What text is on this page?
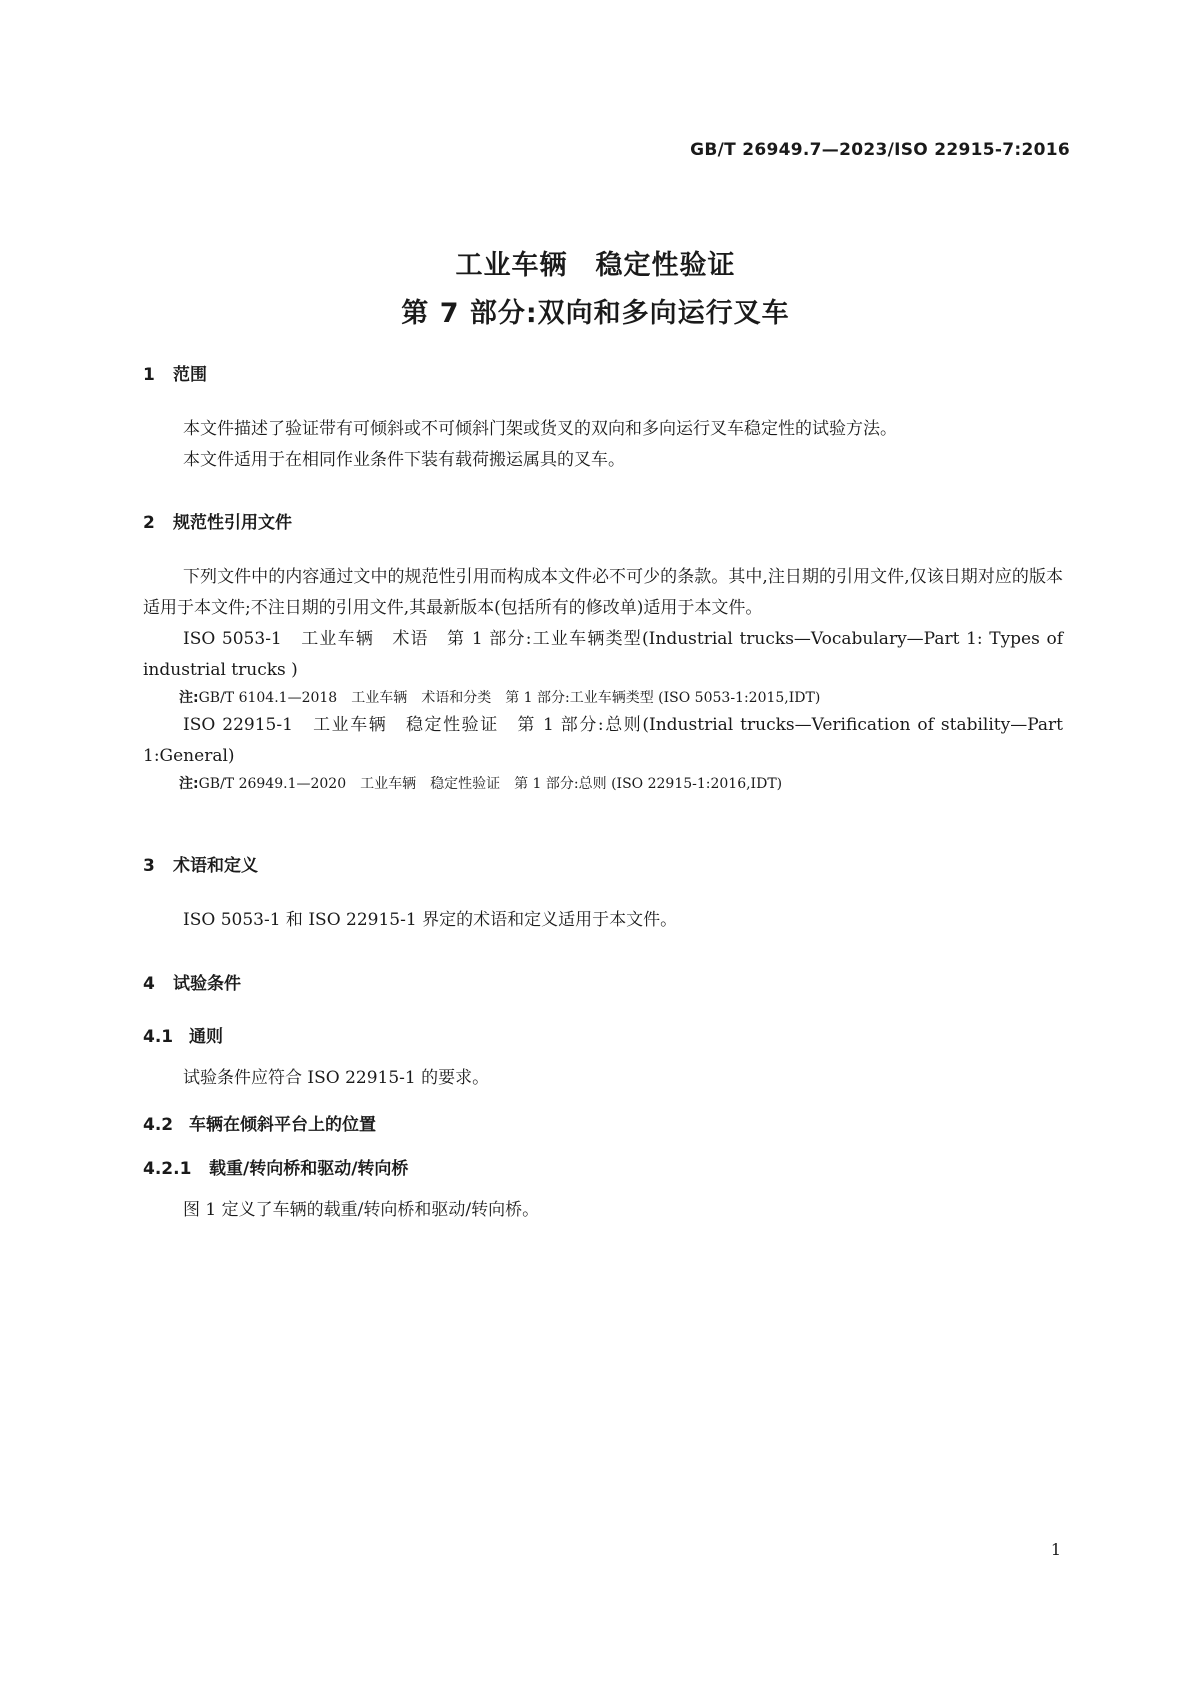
GB/T 26949.7—2023/ISO 22915-7:2016
工业车辆　稳定性验证
第 7 部分:双向和多向运行叉车
1 范围
本文件描述了验证带有可倾斜或不可倾斜门架或货叉的双向和多向运行叉车稳定性的试验方法。
本文件适用于在相同作业条件下装有载荷搬运属具的叉车。
2 规范性引用文件
下列文件中的内容通过文中的规范性引用而构成本文件必不可少的条款。其中,注日期的引用文件,仅该日期对应的版本适用于本文件;不注日期的引用文件,其最新版本(包括所有的修改单)适用于本文件。
ISO 5053-1　工业车辆　术语　第 1 部分:工业车辆类型(Industrial trucks—Vocabulary—Part 1: Types of industrial trucks )
注:GB/T 6104.1—2018　工业车辆　术语和分类　第 1 部分:工业车辆类型 (ISO 5053-1:2015,IDT)
ISO 22915-1　工业车辆　稳定性验证　第 1 部分:总则(Industrial trucks—Verification of stability—Part 1:General)
注:GB/T 26949.1—2020　工业车辆　稳定性验证　第 1 部分:总则 (ISO 22915-1:2016,IDT)
3 术语和定义
ISO 5053-1 和 ISO 22915-1 界定的术语和定义适用于本文件。
4 试验条件
4.1 通则
试验条件应符合 ISO 22915-1 的要求。
4.2 车辆在倾斜平台上的位置
4.2.1 载重/转向桥和驱动/转向桥
图 1 定义了车辆的载重/转向桥和驱动/转向桥。
1
